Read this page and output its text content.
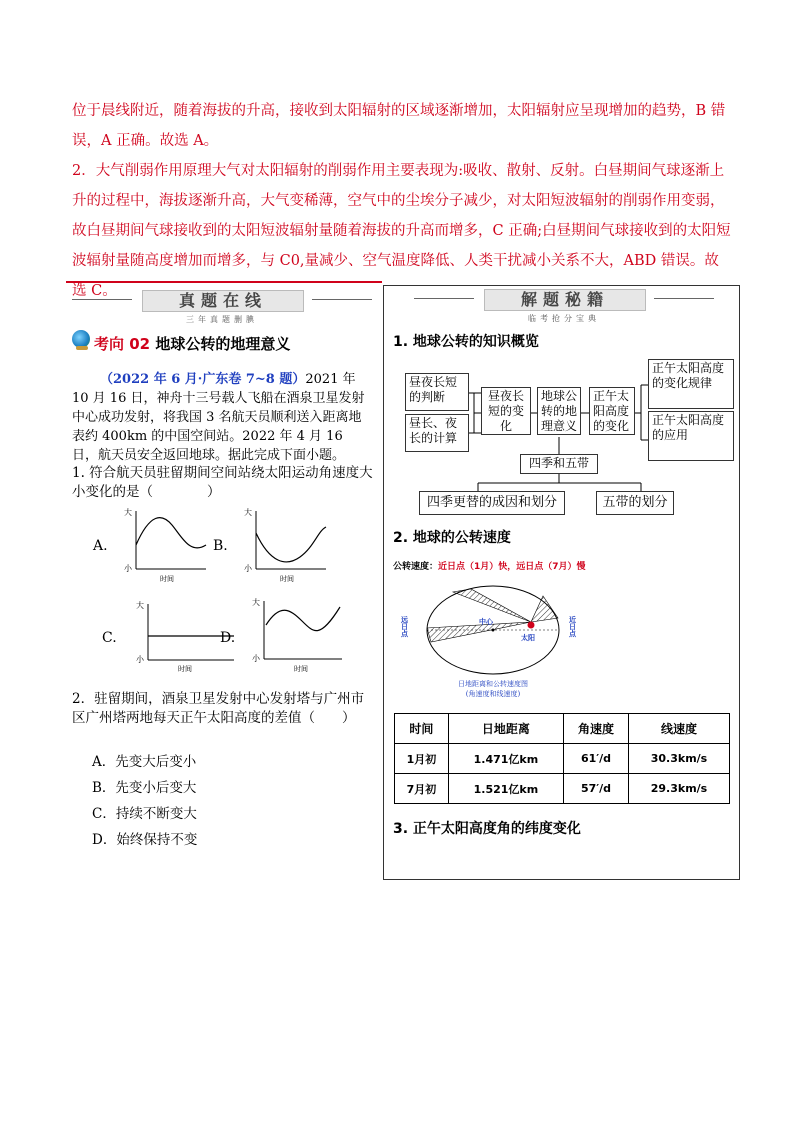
位于晨线附近，随着海拔的升高，接收到太阳辐射的区域逐渐增加，太阳辐射应呈现增加的趋势，B 错误，A 正确。故选 A。

2．大气削弱作用原理大气对太阳辐射的削弱作用主要表现为:吸收、散射、反射。白昼期间气球逐渐上升的过程中，海拔逐渐升高，大气变稀薄，空气中的尘埃分子减少，对太阳短波辐射的削弱作用变弱，故白昼期间气球接收到的太阳短波辐射量随着海拔的升高而增多，C 正确;白昼期间气球接收到的太阳短波辐射量随高度增加而增多，与 C0,量减少、空气温度降低、人类干扰减小关系不大，ABD 错误。故选 C。	真题在线
三年真题删腆
考向 02 地球公转的地理意义
（2022 年 6 月·广东卷 7~8 题）2021 年 10 月 16 日，神舟十三号载人飞船在酒泉卫星发射中心成功发射，将我国 3 名航天员顺利送入距离地表约 400km 的中国空间站。2022 年 4 月 16 日，航天员安全返回地球。据此完成下面小题。
1. 符合航天员驻留期间空间站绕太阳运动角速度大小变化的是（　　　　）
A.	B.
C.	D.
大
小
时间
大
小
时间
大
小
时间
大
小
时间
2．驻留期间，酒泉卫星发射中心发射塔与广州市区广州塔两地每天正午太阳高度的差值（　　）
A．先变大后变小
B．先变小后变大
C．持续不断变大
D．始终保持不变
解题秘籍
临考抢分宝典
1. 地球公转的知识概览
昼夜长短的判断
昼长、夜长的计算
昼夜长短的变化
地球公转的地理意义
正午太阳高度的变化
正午太阳高度的变化规律
正午太阳高度的应用
四季和五带
四季更替的成因和划分	五带的划分
2. 地球的公转速度
公转速度：近日点（1月）快，远日点（7月）慢
中心
太阳
远日点	近日点
日地距离和公转速度图
(角速度和线速度)
时间	日地距离	角速度	线速度
1月初	1.471亿km	61′/d	30.3km/s
7月初	1.521亿km	57′/d	29.3km/s
3. 正午太阳高度角的纬度变化
